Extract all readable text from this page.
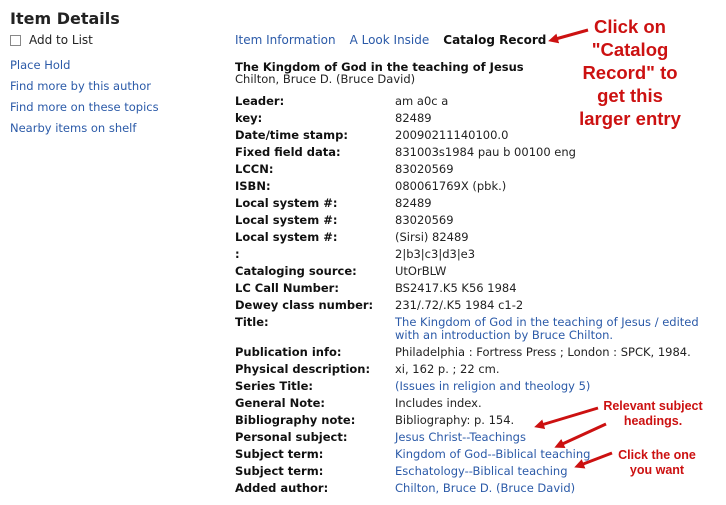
Item Details
Add to List
Place Hold
Find more by this author
Find more on these topics
Nearby items on shelf
Item Information A Look Inside Catalog Record
The Kingdom of God in the teaching of Jesus
Chilton, Bruce D. (Bruce David)
Leader:	am a0c a
key:	82489
Date/time stamp:	20090211140100.0
Fixed field data:	831003s1984 pau b 00100 eng
LCCN:	83020569
ISBN:	080061769X (pbk.)
Local system #:	82489
Local system #:	83020569
Local system #:	(Sirsi) 82489
:	2|b3|c3|d3|e3
Cataloging source:	UtOrBLW
LC Call Number:	BS2417.K5 K56 1984
Dewey class number:	231/.72/.K5 1984 c1-2
Title:	The Kingdom of God in the teaching of Jesus / edited with an introduction by Bruce Chilton.
Publication info:	Philadelphia : Fortress Press ; London : SPCK, 1984.
Physical description:	xi, 162 p. ; 22 cm.
Series Title:	(Issues in religion and theology 5)
General Note:	Includes index.
Bibliography note:	Bibliography: p. 154.
Personal subject:	Jesus Christ--Teachings
Subject term:	Kingdom of God--Biblical teaching
Subject term:	Eschatology--Biblical teaching
Added author:	Chilton, Bruce D. (Bruce David)
Click on "Catalog Record" to get this larger entry
Relevant subject headings.
Click the one you want
